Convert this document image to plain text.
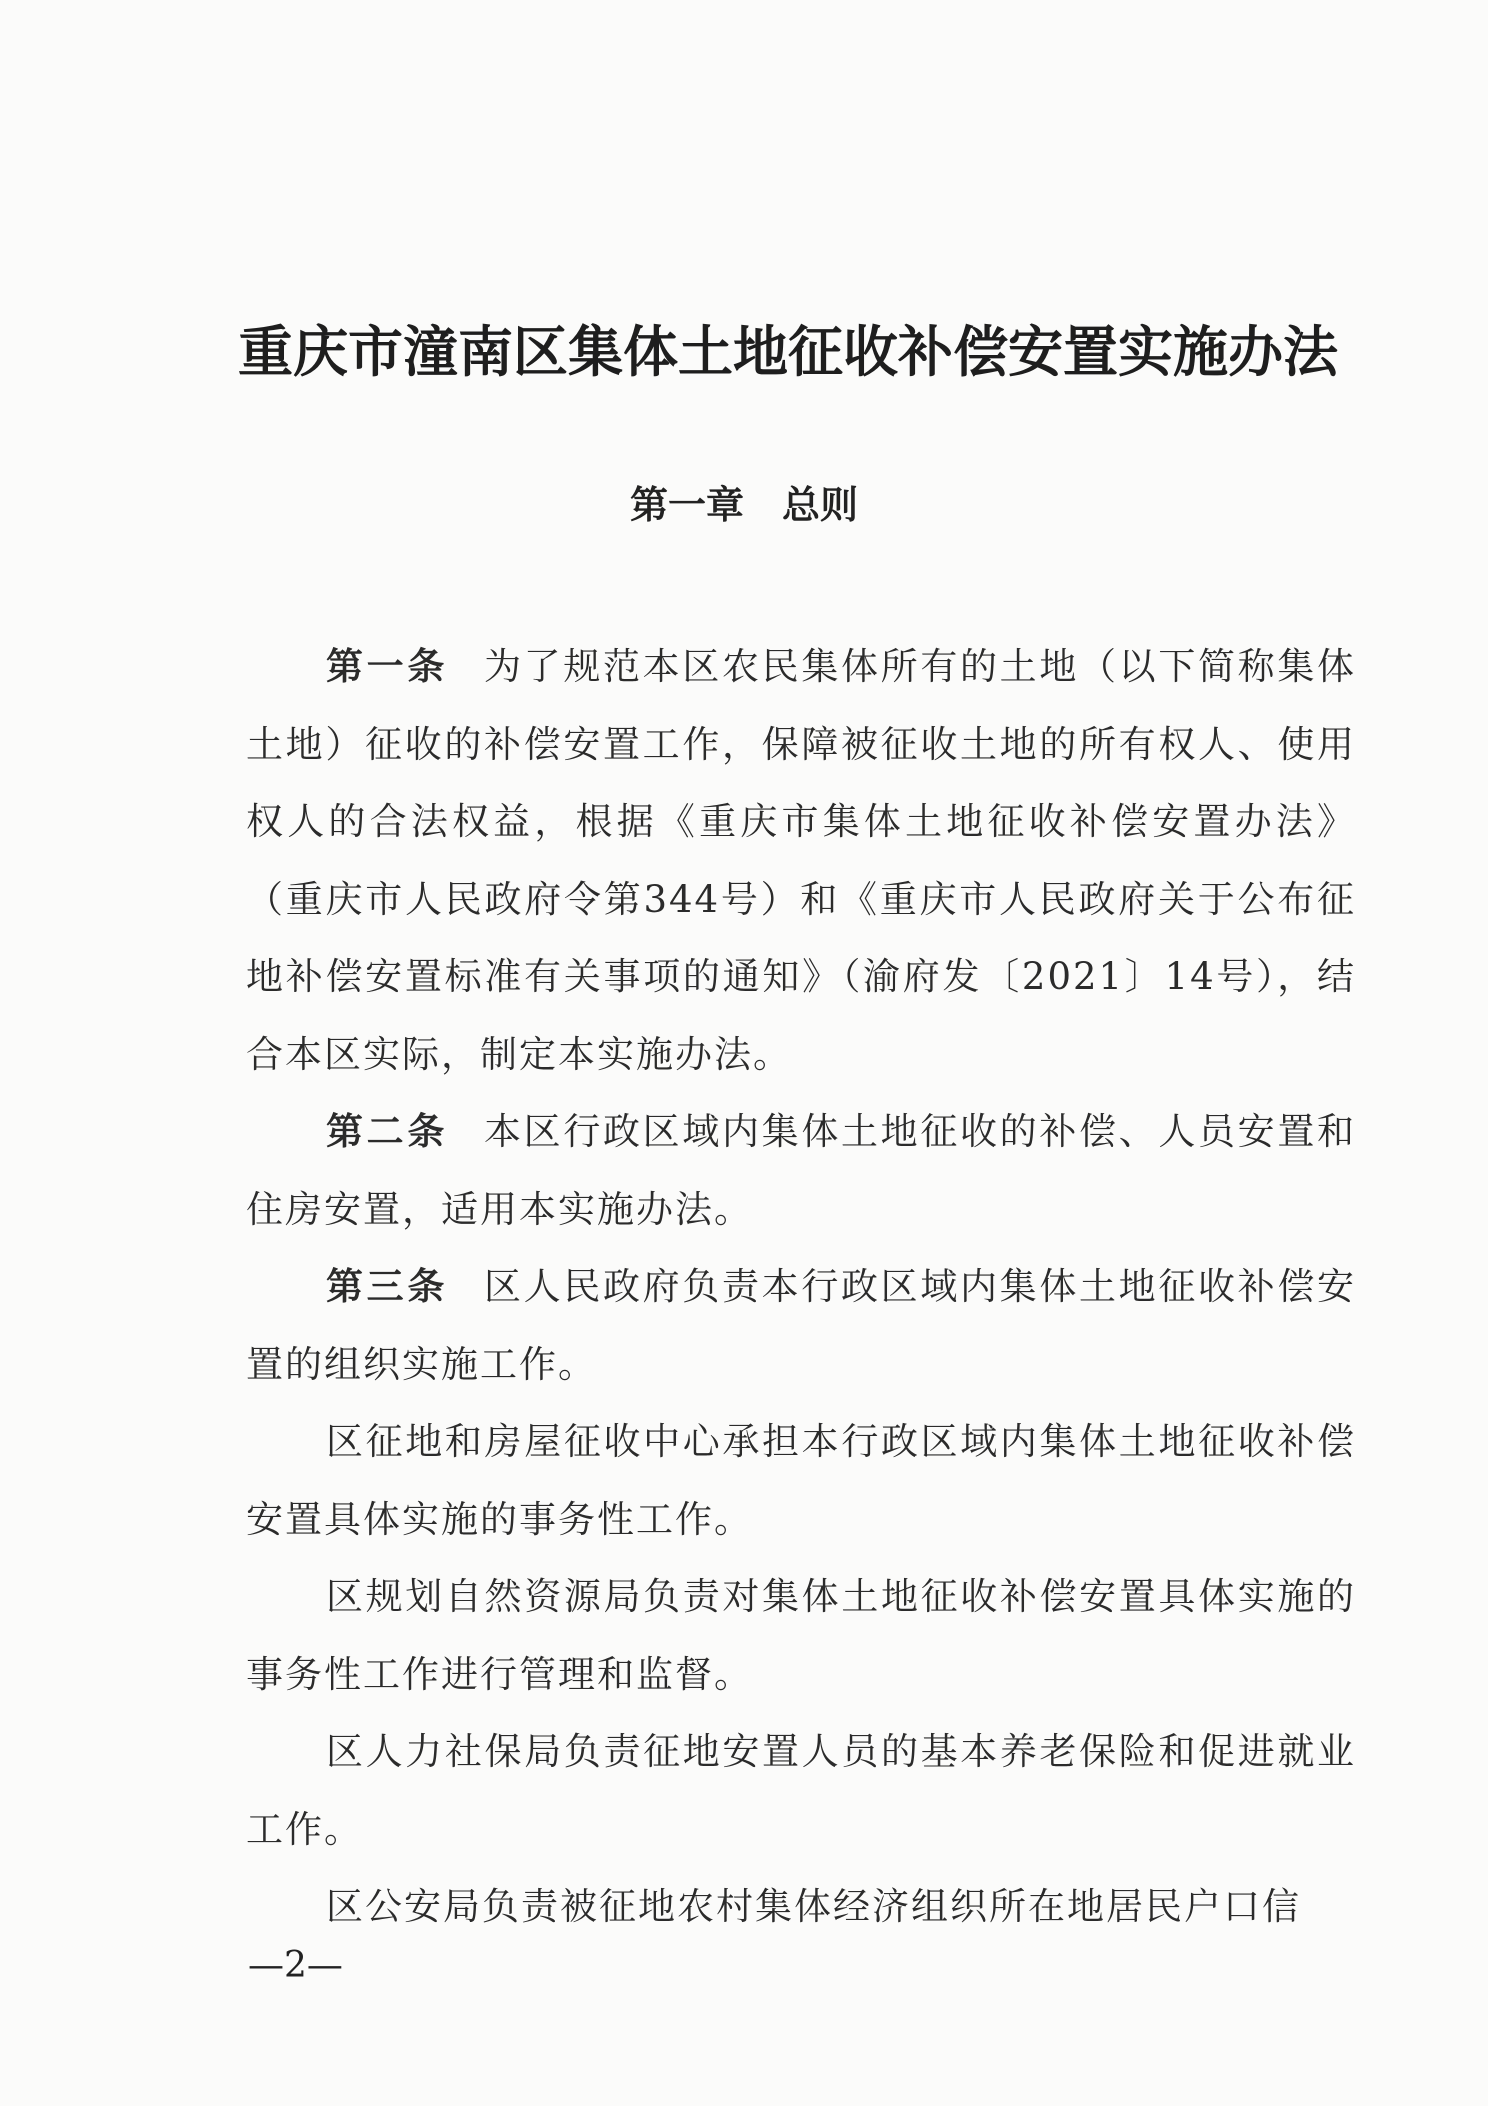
重庆市潼南区集体土地征收补偿安置实施办法
第一章　总则

第一条 为了规范本区农民集体所有的土地（以下简称集体土地）征收的补偿安置工作，保障被征收土地的所有权人、使用权人的合法权益，根据《重庆市集体土地征收补偿安置办法》（重庆市人民政府令第344号）和《重庆市人民政府关于公布征地补偿安置标准有关事项的通知》（渝府发〔2021〕14号），结合本区实际，制定本实施办法。

第二条 本区行政区域内集体土地征收的补偿、人员安置和住房安置，适用本实施办法。

第三条 区人民政府负责本行政区域内集体土地征收补偿安置的组织实施工作。

区征地和房屋征收中心承担本行政区域内集体土地征收补偿安置具体实施的事务性工作。

区规划自然资源局负责对集体土地征收补偿安置具体实施的事务性工作进行管理和监督。

区人力社保局负责征地安置人员的基本养老保险和促进就业工作。

区公安局负责被征地农村集体经济组织所在地居民户口信

—2—
